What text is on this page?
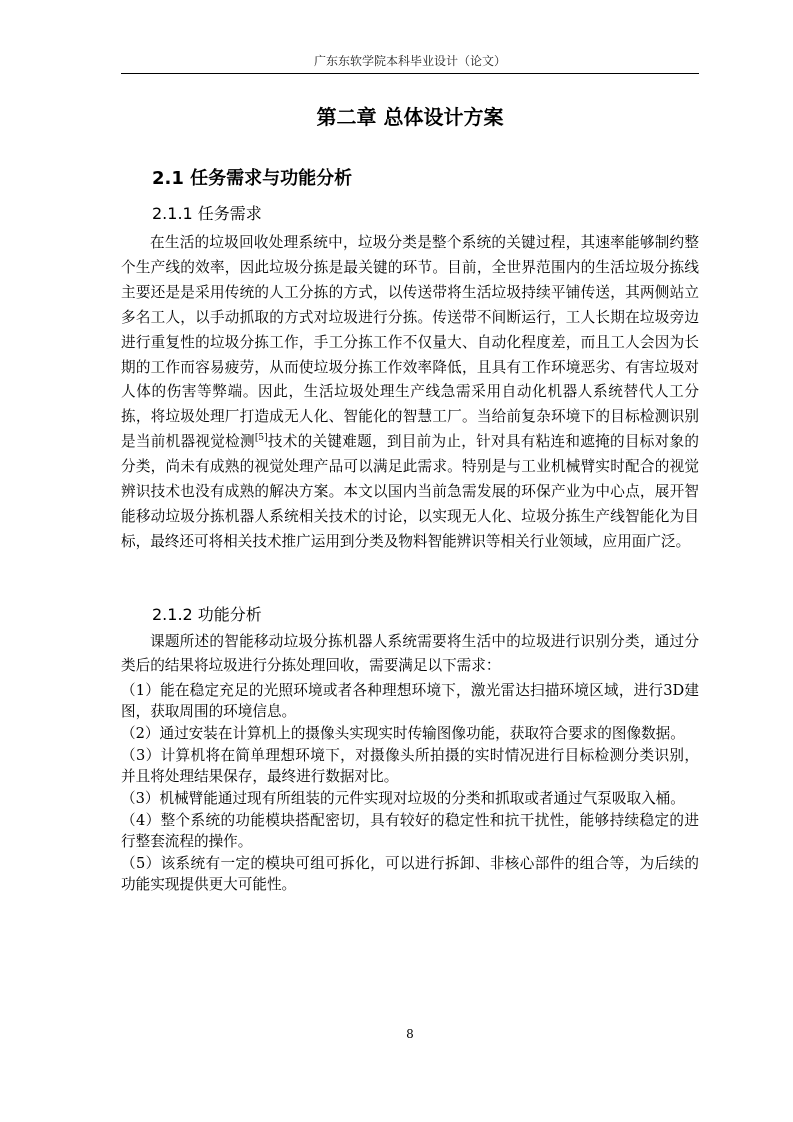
广东东软学院本科毕业设计（论文）
第二章 总体设计方案
2.1 任务需求与功能分析
2.1.1 任务需求

在生活的垃圾回收处理系统中，垃圾分类是整个系统的关键过程，其速率能够制约整个生产线的效率，因此垃圾分拣是最关键的环节。目前，全世界范围内的生活垃圾分拣线主要还是是采用传统的人工分拣的方式，以传送带将生活垃圾持续平铺传送，其两侧站立多名工人，以手动抓取的方式对垃圾进行分拣。传送带不间断运行，工人长期在垃圾旁边进行重复性的垃圾分拣工作，手工分拣工作不仅量大、自动化程度差，而且工人会因为长期的工作而容易疲劳，从而使垃圾分拣工作效率降低，且具有工作环境恶劣、有害垃圾对人体的伤害等弊端。因此，生活垃圾处理生产线急需采用自动化机器人系统替代人工分拣，将垃圾处理厂打造成无人化、智能化的智慧工厂。当给前复杂环境下的目标检测识别是当前机器视觉检测[5]技术的关键难题，到目前为止，针对具有粘连和遮掩的目标对象的分类，尚未有成熟的视觉处理产品可以满足此需求。特别是与工业机械臂实时配合的视觉辨识技术也没有成熟的解决方案。本文以国内当前急需发展的环保产业为中心点，展开智能移动垃圾分拣机器人系统相关技术的讨论，以实现无人化、垃圾分拣生产线智能化为目标，最终还可将相关技术推广运用到分类及物料智能辨识等相关行业领域，应用面广泛。

2.1.2 功能分析

课题所述的智能移动垃圾分拣机器人系统需要将生活中的垃圾进行识别分类，通过分类后的结果将垃圾进行分拣处理回收，需要满足以下需求：

（1）能在稳定充足的光照环境或者各种理想环境下，激光雷达扫描环境区域，进行3D建图，获取周围的环境信息。

（2）通过安装在计算机上的摄像头实现实时传输图像功能，获取符合要求的图像数据。

（3）计算机将在简单理想环境下，对摄像头所拍摄的实时情况进行目标检测分类识别，并且将处理结果保存，最终进行数据对比。

（3）机械臂能通过现有所组装的元件实现对垃圾的分类和抓取或者通过气泵吸取入桶。

（4）整个系统的功能模块搭配密切，具有较好的稳定性和抗干扰性，能够持续稳定的进行整套流程的操作。

（5）该系统有一定的模块可组可拆化，可以进行拆卸、非核心部件的组合等，为后续的功能实现提供更大可能性。

8
